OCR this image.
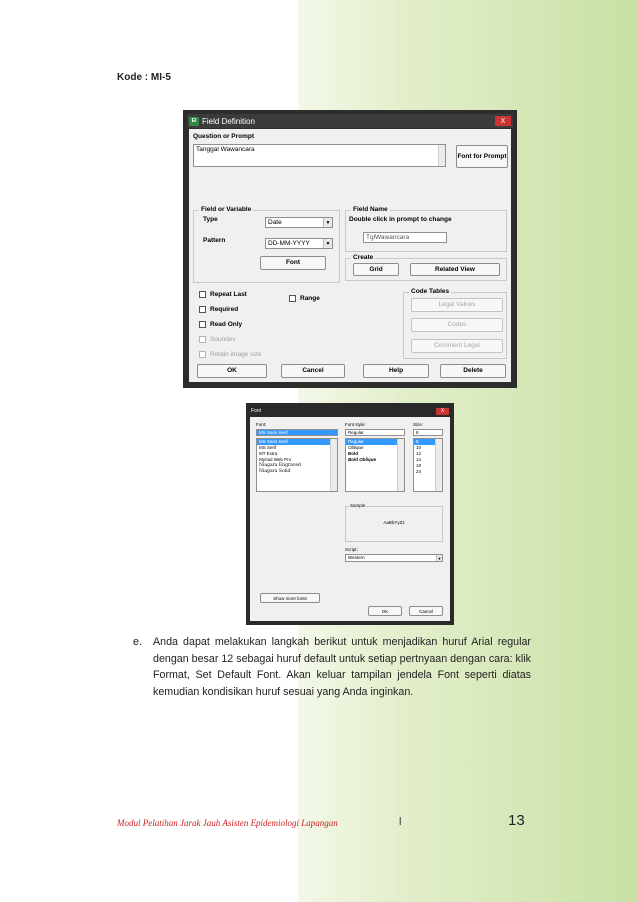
Kode : MI-5
EI Field Definition	X
Question or Prompt
Tanggal Wawancara
Font for Prompt
Field or Variable
Type	Date	▼
Pattern	DD-MM-YYYY	▼
Font
Field Name
Double click in prompt to change
TglWawancara
Create
Grid	Related View
Repeat Last
Range
Required
Read Only
Soundex
Retain image size
Code Tables
Legal Values
Codes
Comment Legal
OK	Cancel	Help	Delete
Font	X
Font:
MS Sans Serif
MS Sans Serif
MS Serif
MT Extra
Myriad Web Pro
Niagara Engraved
Niagara Solid
Font style:
Regular
Regular
Oblique
Bold
Bold Oblique
Size:
8
8
10
12
14
18
24
Sample
AaBbYyZz
Script:
Western	▼
Show more fonts
OK	Cancel
e. Anda dapat melakukan langkah berikut untuk menjadikan huruf Arial regular dengan besar 12 sebagai huruf default untuk setiap pertnyaan dengan cara: klik Format, Set Default Font. Akan keluar tampilan jendela Font seperti diatas kemudian kondisikan huruf sesuai yang Anda inginkan.
Modul Pelatihan Jarak Jauh Asisten Epidemiologi Lapangan	l	13
